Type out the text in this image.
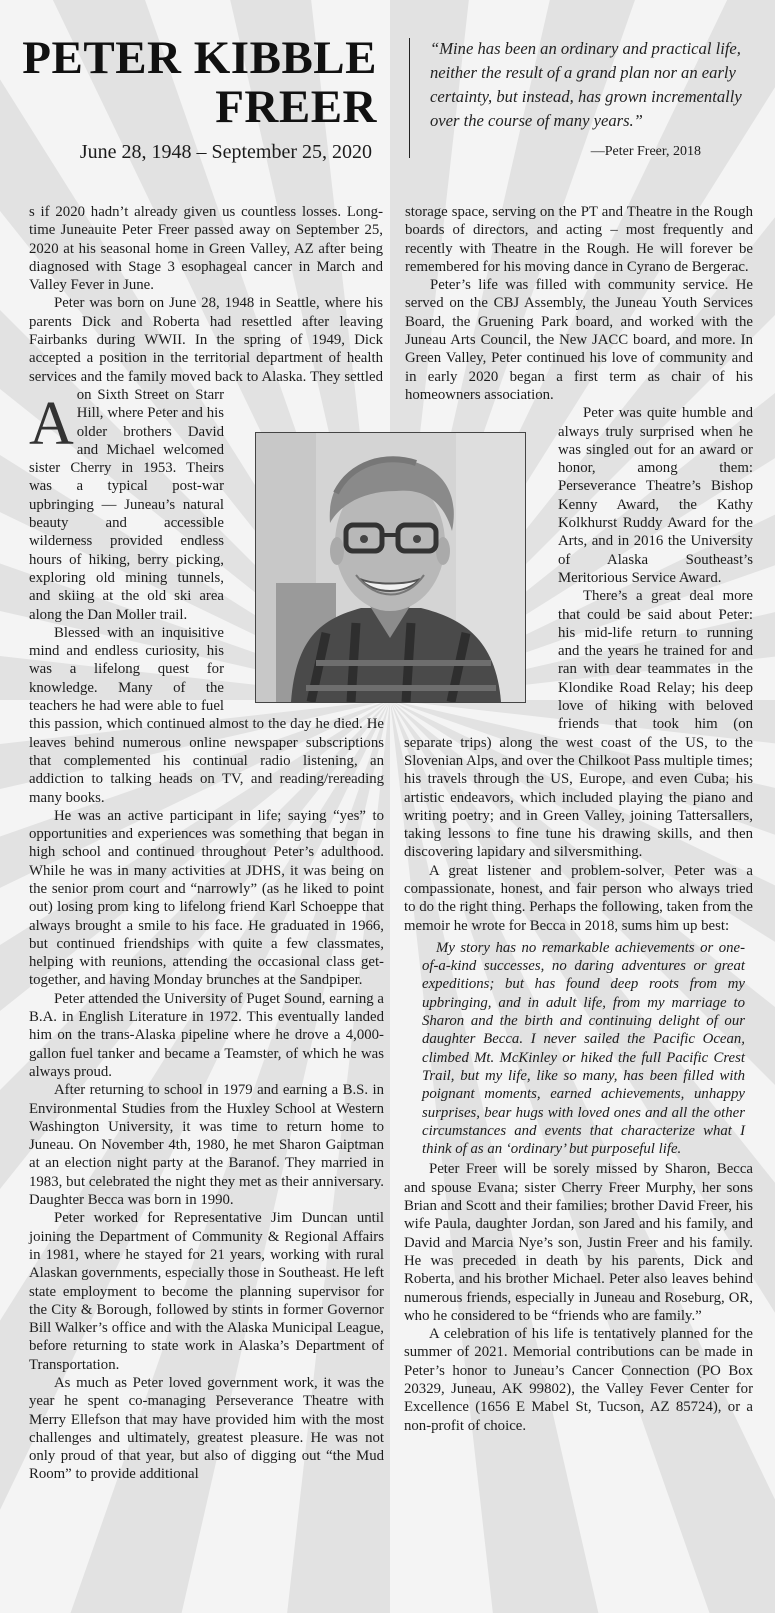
PETER KIBBLE
FREER

June 28, 1948 – September 25, 2020

“Mine has been an ordinary and practical life, neither the result of a grand plan nor an early certainty, but instead, has grown incrementally over the course of many years.”

—Peter Freer, 2018

A
s if 2020 hadn’t already given us countless losses. Long-time Juneauite Peter Freer passed away on September 25, 2020 at his seasonal home in Green Valley, AZ after being diagnosed with Stage 3 esophageal cancer in March and Valley Fever in June.

Peter was born on June 28, 1948 in Seattle, where his parents Dick and Roberta had resettled after leaving Fairbanks during WWII. In the spring of 1949, Dick accepted a position in the territorial department of health services and the family moved back to Alaska. They settled on Sixth Street on Starr Hill, where Peter and his older brothers David and Michael welcomed sister Cherry in 1953. Theirs was a typical post-war upbringing — Juneau’s natural beauty and accessible wilderness provided endless hours of hiking, berry picking, exploring old mining tunnels, and skiing at the old ski area along the Dan Moller trail.

Blessed with an inquisitive mind and endless curiosity, his was a lifelong quest for knowledge. Many of the teachers he had were able to fuel this passion, which continued almost to the day he died. He leaves behind numerous online newspaper subscriptions that complemented his continual radio listening, an addiction to talking heads on TV, and reading/rereading many books.

He was an active participant in life; saying “yes” to opportunities and experiences was something that began in high school and continued throughout Peter’s adulthood. While he was in many activities at JDHS, it was being on the senior prom court and “narrowly” (as he liked to point out) losing prom king to lifelong friend Karl Schoeppe that always brought a smile to his face. He graduated in 1966, but continued friendships with quite a few classmates, helping with reunions, attending the occasional class get-together, and having Monday brunches at the Sandpiper.

Peter attended the University of Puget Sound, earning a B.A. in English Literature in 1972. This eventually landed him on the trans-Alaska pipeline where he drove a 4,000-gallon fuel tanker and became a Teamster, of which he was always proud.

After returning to school in 1979 and earning a B.S. in Environmental Studies from the Huxley School at Western Washington University, it was time to return home to Juneau. On November 4th, 1980, he met Sharon Gaiptman at an election night party at the Baranof. They married in 1983, but celebrated the night they met as their anniversary. Daughter Becca was born in 1990.

Peter worked for Representative Jim Duncan until joining the Department of Community & Regional Affairs in 1981, where he stayed for 21 years, working with rural Alaskan governments, especially those in Southeast. He left state employment to become the planning supervisor for the City & Borough, followed by stints in former Governor Bill Walker’s office and with the Alaska Municipal League, before returning to state work in Alaska’s Department of Transportation.

As much as Peter loved government work, it was the year he spent co-managing Perseverance Theatre with Merry Ellefson that may have provided him with the most challenges and ultimately, greatest pleasure. He was not only proud of that year, but also of digging out “the Mud Room” to provide additional

storage space, serving on the PT and Theatre in the Rough boards of directors, and acting – most frequently and recently with Theatre in the Rough. He will forever be remembered for his moving dance in Cyrano de Bergerac.

Peter’s life was filled with community service. He served on the CBJ Assembly, the Juneau Youth Services Board, the Gruening Park board, and worked with the Juneau Arts Council, the New JACC board, and more. In Green Valley, Peter continued his love of community and in early 2020 began a first term as chair of his homeowners association.

Peter was quite humble and always truly surprised when he was singled out for an award or honor, among them: Perseverance Theatre’s Bishop Kenny Award, the Kathy Kolkhurst Ruddy Award for the Arts, and in 2016 the University of Alaska Southeast’s Meritorious Service Award.

There’s a great deal more that could be said about Peter: his mid-life return to running and the years he trained for and ran with dear teammates in the Klondike Road Relay; his deep love of hiking with beloved friends that took him (on separate trips) along the west coast of the US, to the Slovenian Alps, and over the Chilkoot Pass multiple times; his travels through the US, Europe, and even Cuba; his artistic endeavors, which included playing the piano and writing poetry; and in Green Valley, joining Tattersallers, taking lessons to fine tune his drawing skills, and then discovering lapidary and silversmithing.

A great listener and problem-solver, Peter was a compassionate, honest, and fair person who always tried to do the right thing. Perhaps the following, taken from the memoir he wrote for Becca in 2018, sums him up best:

My story has no remarkable achievements or one-of-a-kind successes, no daring adventures or great expeditions; but has found deep roots from my upbringing, and in adult life, from my marriage to Sharon and the birth and continuing delight of our daughter Becca. I never sailed the Pacific Ocean, climbed Mt. McKinley or hiked the full Pacific Crest Trail, but my life, like so many, has been filled with poignant moments, earned achievements, unhappy surprises, bear hugs with loved ones and all the other circumstances and events that characterize what I think of as an ‘ordinary’ but purposeful life.

Peter Freer will be sorely missed by Sharon, Becca and spouse Evana; sister Cherry Freer Murphy, her sons Brian and Scott and their families; brother David Freer, his wife Paula, daughter Jordan, son Jared and his family, and David and Marcia Nye’s son, Justin Freer and his family. He was preceded in death by his parents, Dick and Roberta, and his brother Michael. Peter also leaves behind numerous friends, especially in Juneau and Roseburg, OR, who he considered to be “friends who are family.”

A celebration of his life is tentatively planned for the summer of 2021. Memorial contributions can be made in Peter’s honor to Juneau’s Cancer Connection (PO Box 20329, Juneau, AK 99802), the Valley Fever Center for Excellence (1656 E Mabel St, Tucson, AZ 85724), or a non-profit of choice.
